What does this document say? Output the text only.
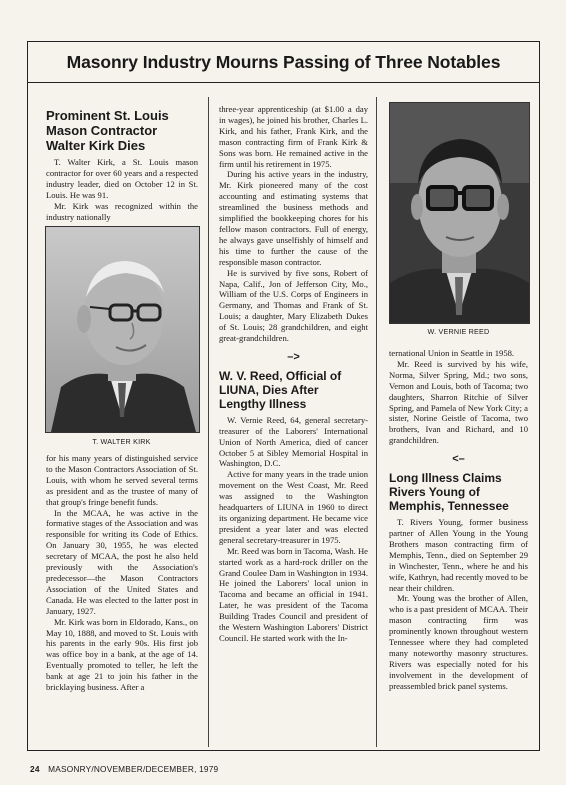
Masonry Industry Mourns Passing of Three Notables
Prominent St. Louis Mason Contractor Walter Kirk Dies

T. Walter Kirk, a St. Louis mason contractor for over 60 years and a respected industry leader, died on October 12 in St. Louis. He was 91.

Mr. Kirk was recognized within the industry nationally

T. WALTER KIRK

for his many years of distinguished service to the Mason Contractors Association of St. Louis, with whom he served several terms as president and as the trustee of many of that group's fringe benefit funds.

In the MCAA, he was active in the formative stages of the Association and was responsible for writing its Code of Ethics. On January 30, 1955, he was elected secretary of MCAA, the post he also held previously with the Association's predecessor—the Mason Contractors Association of the United States and Canada. He was elected to the latter post in January, 1927.

Mr. Kirk was born in Eldorado, Kans., on May 10, 1888, and moved to St. Louis with his parents in the early 90s. His first job was office boy in a bank, at the age of 14. Eventually promoted to teller, he left the bank at age 21 to join his father in the bricklaying business. After a

three-year apprenticeship (at $1.00 a day in wages), he joined his brother, Charles L. Kirk, and his father, Frank Kirk, and the mason contracting firm of Frank Kirk & Sons was born. He remained active in the firm until his retirement in 1975.

During his active years in the industry, Mr. Kirk pioneered many of the cost accounting and estimating systems that streamlined the business methods and simplified the bookkeeping chores for his fellow mason contractors. Full of energy, he always gave unselfishly of himself and his time to further the cause of the responsible mason contractor.

He is survived by five sons, Robert of Napa, Calif., Jon of Jefferson City, Mo., William of the U.S. Corps of Engineers in Germany, and Thomas and Frank of St. Louis; a daughter, Mary Elizabeth Dukes of St. Louis; 28 grandchildren, and eight great-grandchildren.

–>
W. V. Reed, Official of LIUNA, Dies After Lengthy Illness

W. Vernie Reed, 64, general secretary-treasurer of the Laborers' International Union of North America, died of cancer October 5 at Sibley Memorial Hospital in Washington, D.C.

Active for many years in the trade union movement on the West Coast, Mr. Reed was assigned to the Washington headquarters of LIUNA in 1960 to direct its organizing department. He became vice president a year later and was elected general secretary-treasurer in 1975.

Mr. Reed was born in Tacoma, Wash. He started work as a hard-rock driller on the Grand Coulee Dam in Washington in 1934. He joined the Laborers' local union in Tacoma and became an official in 1941. Later, he was president of the Tacoma Building Trades Council and president of the Western Washington Laborers' District Council. He started work with the In-

W. VERNIE REED

ternational Union in Seattle in 1958.

Mr. Reed is survived by his wife, Norma, Silver Spring, Md.; two sons, Vernon and Louis, both of Tacoma; two daughters, Sharron Ritchie of Silver Spring, and Pamela of New York City; a sister, Norine Geistle of Tacoma, two brothers, Ivan and Richard, and 10 grandchildren.

<–
Long Illness Claims Rivers Young of Memphis, Tennessee

T. Rivers Young, former business partner of Allen Young in the Young Brothers mason contracting firm of Memphis, Tenn., died on September 29 in Winchester, Tenn., where he and his wife, Kathryn, had recently moved to be near their children.

Mr. Young was the brother of Allen, who is a past president of MCAA. Their mason contracting firm was prominently known throughout western Tennessee where they had completed many noteworthy masonry structures. Rivers was especially noted for his involvement in the development of preassembled brick panel systems.

24 MASONRY/NOVEMBER/DECEMBER, 1979
